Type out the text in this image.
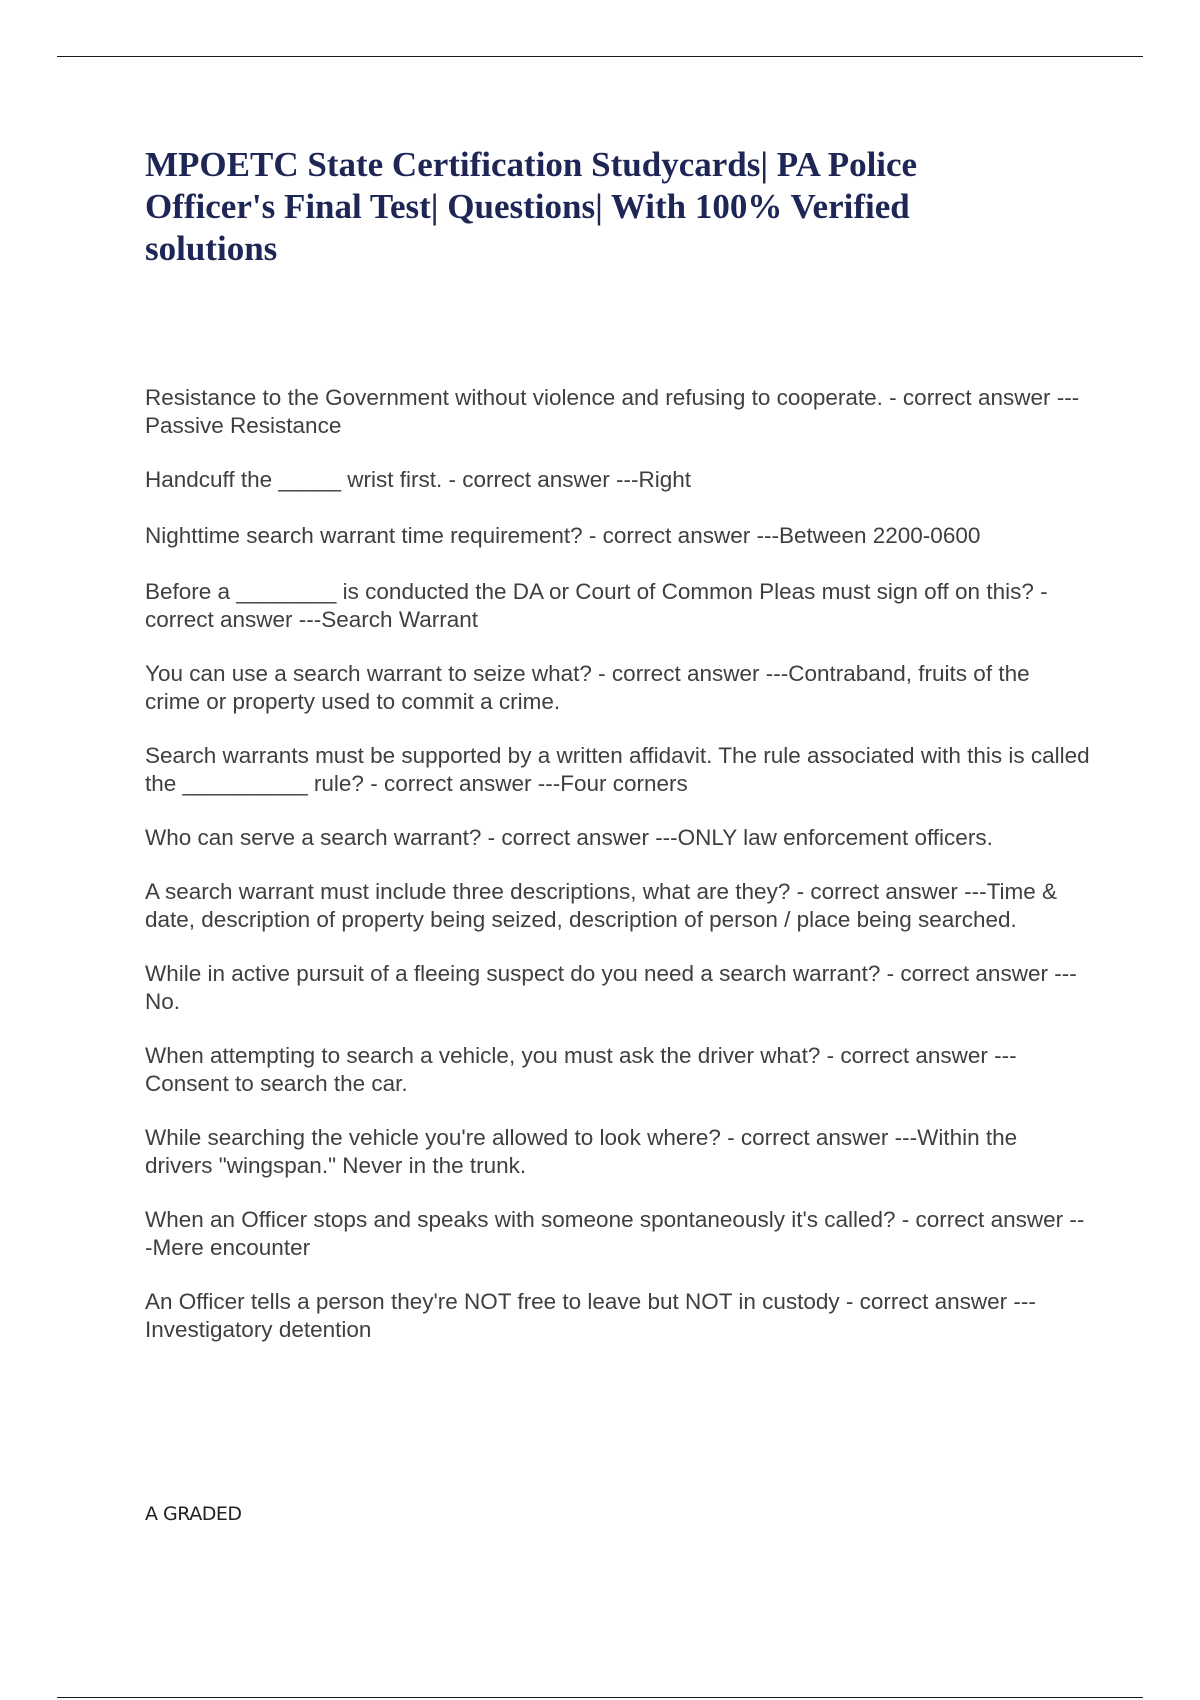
MPOETC State Certification Studycards| PA Police Officer's Final Test| Questions| With 100% Verified solutions

Resistance to the Government without violence and refusing to cooperate. - correct answer ---Passive Resistance

Handcuff the _____ wrist first. - correct answer ---Right

Nighttime search warrant time requirement? - correct answer ---Between 2200-0600

Before a ________ is conducted the DA or Court of Common Pleas must sign off on this? - correct answer ---Search Warrant

You can use a search warrant to seize what? - correct answer ---Contraband, fruits of the crime or property used to commit a crime.

Search warrants must be supported by a written affidavit. The rule associated with this is called the __________ rule? - correct answer ---Four corners

Who can serve a search warrant? - correct answer ---ONLY law enforcement officers.

A search warrant must include three descriptions, what are they? - correct answer ---Time & date, description of property being seized, description of person / place being searched.

While in active pursuit of a fleeing suspect do you need a search warrant? - correct answer ---No.

When attempting to search a vehicle, you must ask the driver what? - correct answer ---Consent to search the car.

While searching the vehicle you're allowed to look where? - correct answer ---Within the drivers "wingspan." Never in the trunk.

When an Officer stops and speaks with someone spontaneously it's called? - correct answer ---Mere encounter

An Officer tells a person they're NOT free to leave but NOT in custody - correct answer ---Investigatory detention

A GRADED
